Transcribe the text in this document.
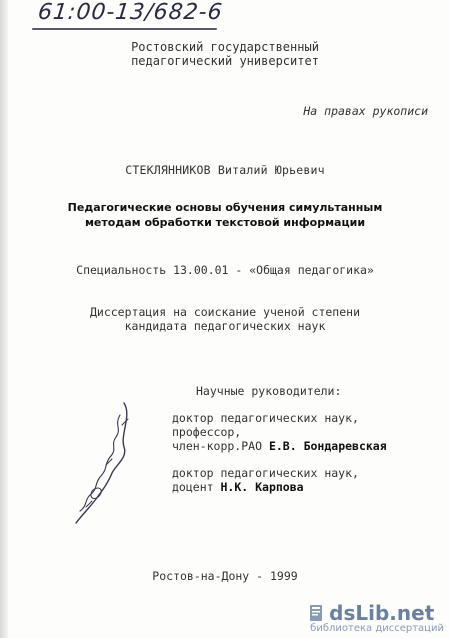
61:00-13/682-6
Ростовский государственный
педагогический университет
На правах рукописи
СТЕКЛЯННИКОВ Виталий Юрьевич
Педагогические основы обучения симультанным
методам обработки текстовой информации
Специальность 13.00.01 - «Общая педагогика»
Диссертация на соискание ученой степени
кандидата педагогических наук
Научные руководители:
доктор педагогических наук,
профессор,
член-корр.РАО Е.В. Бондаревская
доктор педагогических наук,
доцент Н.К. Карпова
Ростов-на-Дону - 1999
dsLib.net
библиотека диссертаций
